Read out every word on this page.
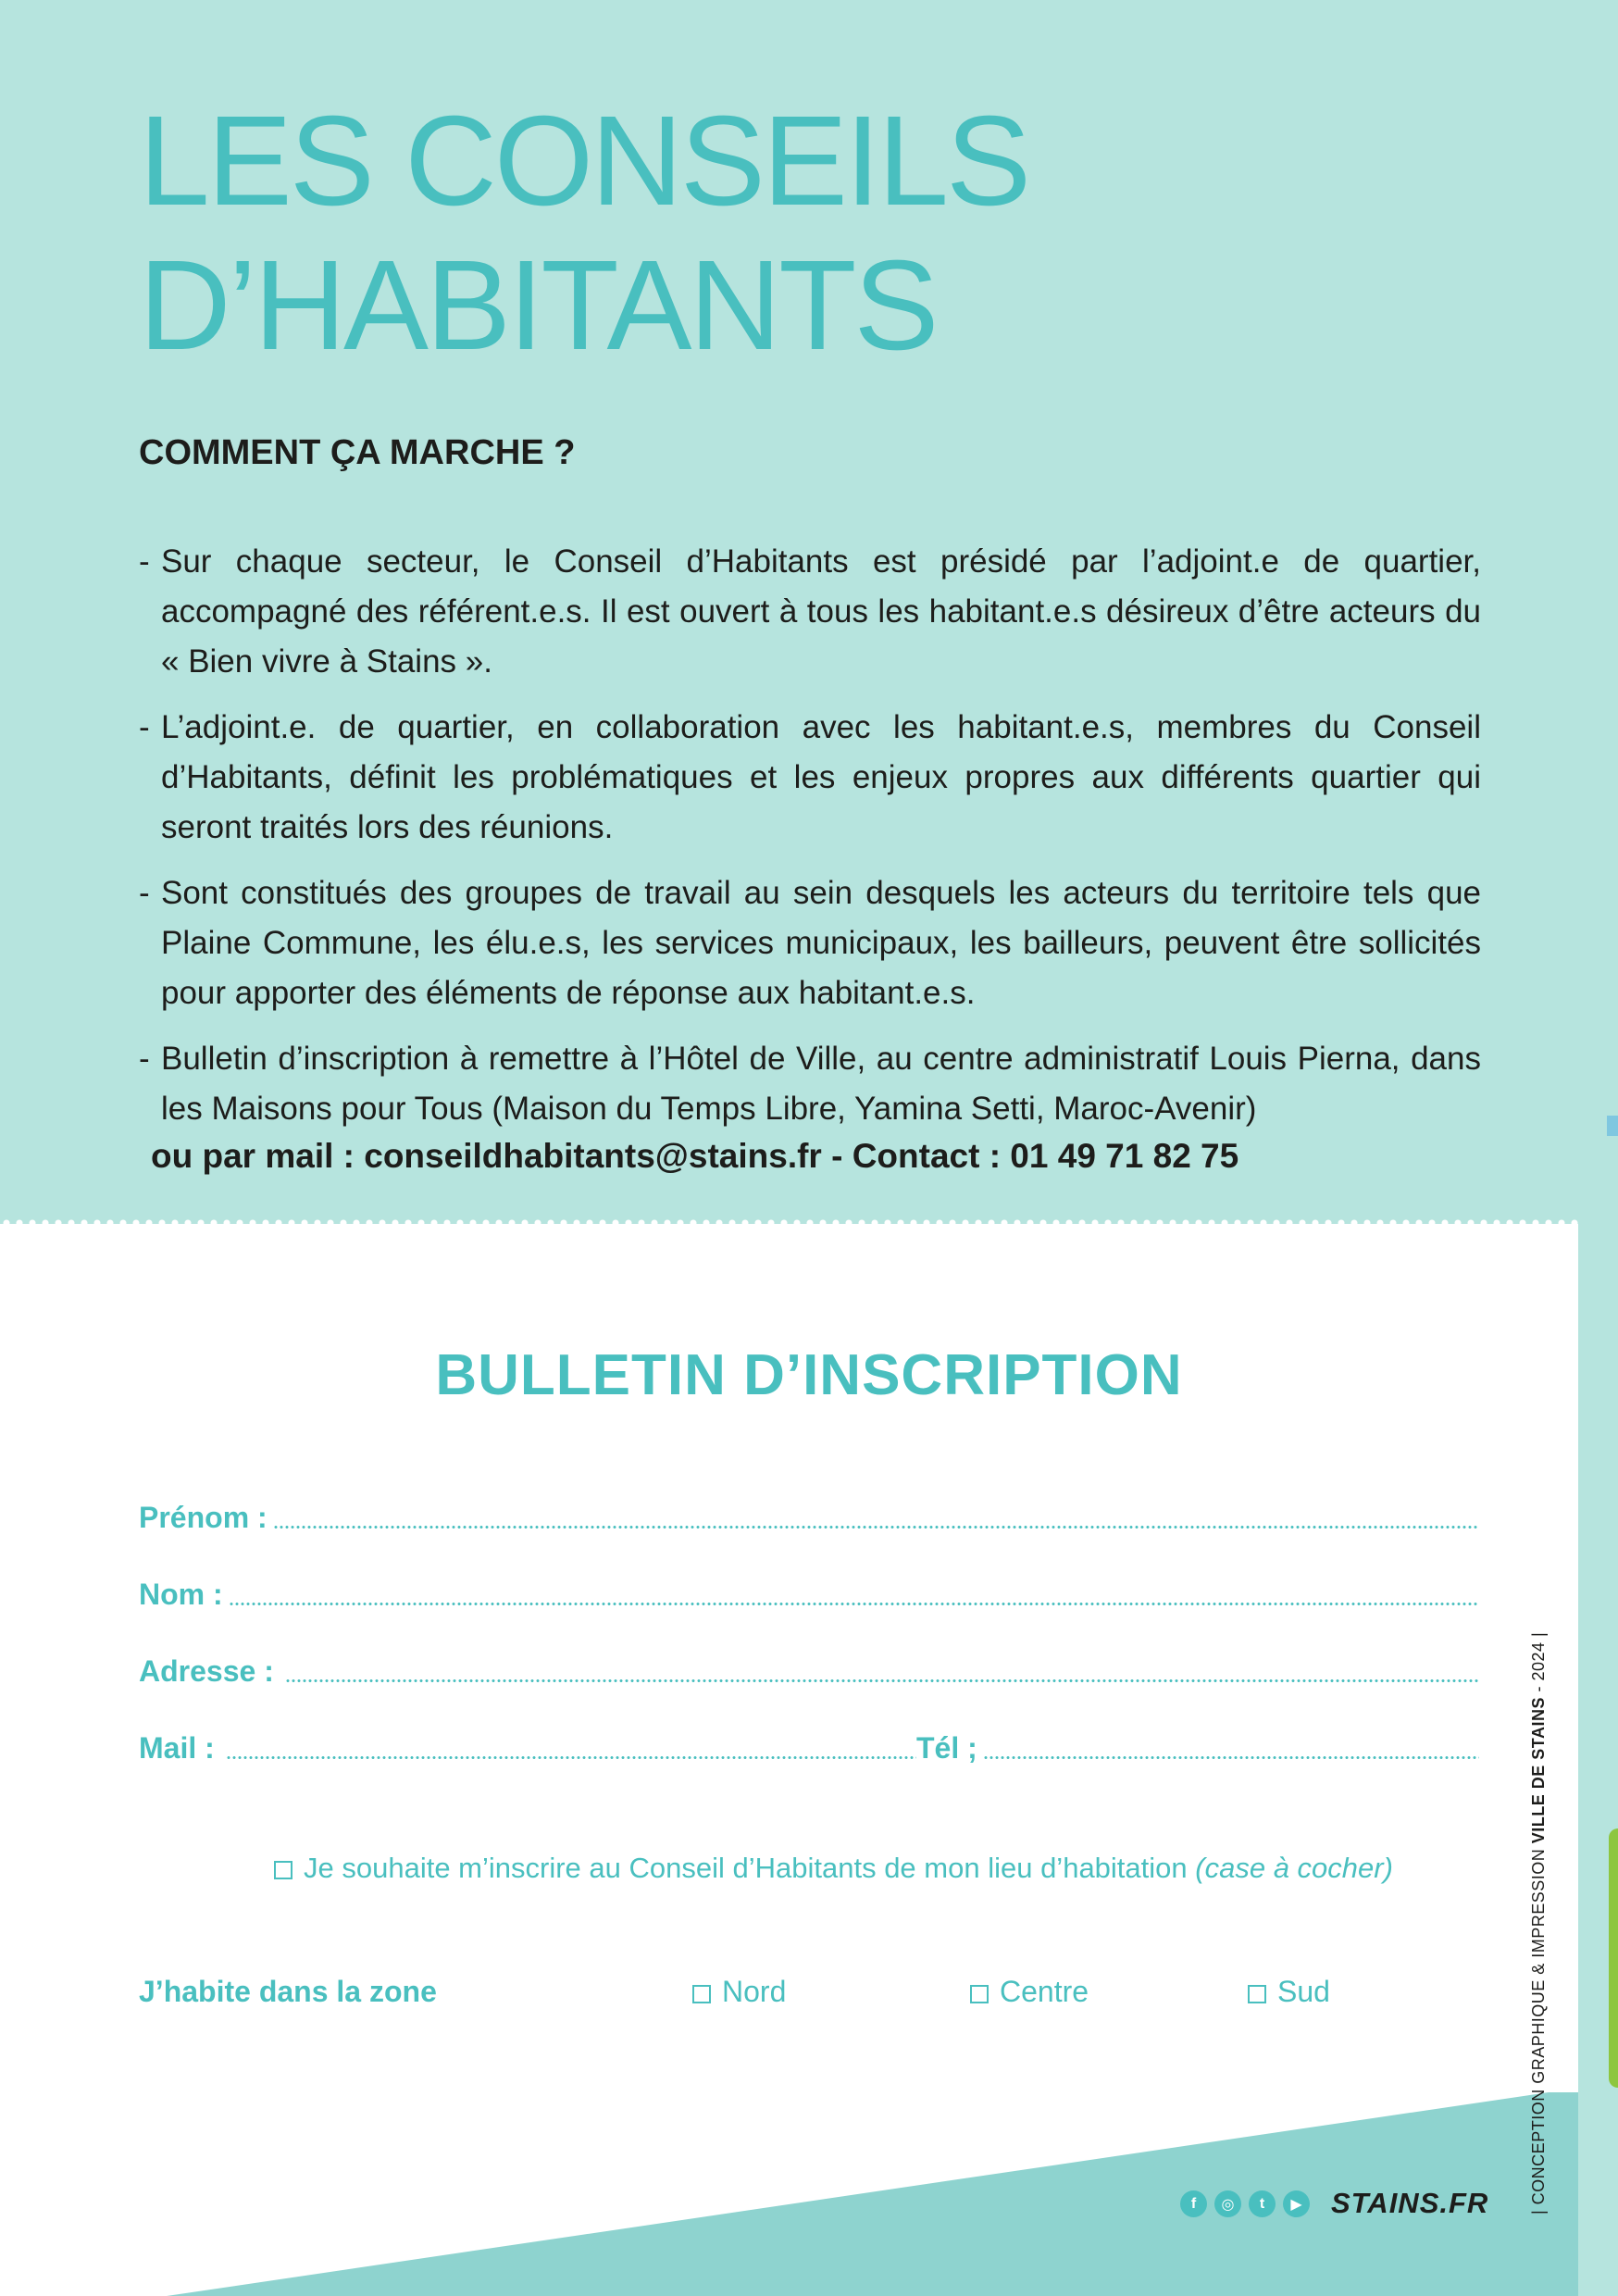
LES CONSEILS
D’HABITANTS
COMMENT ÇA MARCHE ?
- Sur chaque secteur, le Conseil d’Habitants est présidé par l’adjoint.e de quartier, accompagné des référent.e.s. Il est ouvert à tous les habitant.e.s désireux d’être acteurs du « Bien vivre à Stains ».
- L’adjoint.e. de quartier, en collaboration avec les habitant.e.s, membres du Conseil d’Habitants, définit les problématiques et les enjeux propres aux différents quartier qui seront traités lors des réunions.
- Sont constitués des groupes de travail au sein desquels les acteurs du territoire tels que Plaine Commune, les élu.e.s, les services municipaux, les bailleurs, peuvent être sollicités pour apporter des éléments de réponse aux habitant.e.s.
- Bulletin d’inscription à remettre à l’Hôtel de Ville, au centre administratif Louis Pierna, dans les Maisons pour Tous (Maison du Temps Libre, Yamina Setti, Maroc-Avenir)
ou par mail : conseildhabitants@stains.fr - Contact : 01 49 71 82 75
BULLETIN D’INSCRIPTION
Prénom :
Nom :
Adresse :
Mail :	Tél ;
Je souhaite m’inscrire au Conseil d’Habitants de mon lieu d’habitation (case à cocher)
J’habite dans la zone	Nord	Centre	Sud
f	◎	t	▶ STAINS.FR | CONCEPTION GRAPHIQUE & IMPRESSION VILLE DE STAINS - 2024 |
